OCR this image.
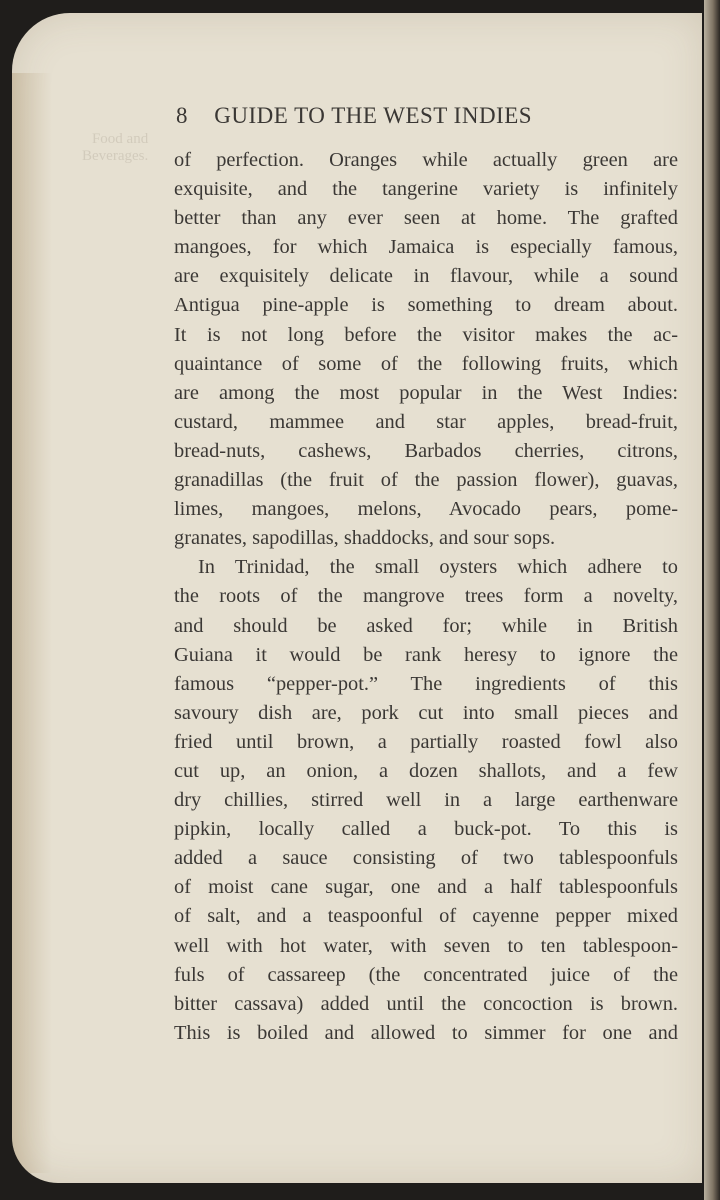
Food and
Beverages.
8 GUIDE TO THE WEST INDIES
of perfection. Oranges while actually green are
exquisite, and the tangerine variety is infinitely
better than any ever seen at home. The grafted
mangoes, for which Jamaica is especially famous,
are exquisitely delicate in flavour, while a sound
Antigua pine-apple is something to dream about.
It is not long before the visitor makes the ac-
quaintance of some of the following fruits, which
are among the most popular in the West Indies:
custard, mammee and star apples, bread-fruit,
bread-nuts, cashews, Barbados cherries, citrons,
granadillas (the fruit of the passion flower), guavas,
limes, mangoes, melons, Avocado pears, pome-
granates, sapodillas, shaddocks, and sour sops.
In Trinidad, the small oysters which adhere to
the roots of the mangrove trees form a novelty,
and should be asked for; while in British
Guiana it would be rank heresy to ignore the
famous “pepper-pot.” The ingredients of this
savoury dish are, pork cut into small pieces and
fried until brown, a partially roasted fowl also
cut up, an onion, a dozen shallots, and a few
dry chillies, stirred well in a large earthenware
pipkin, locally called a buck-pot. To this is
added a sauce consisting of two tablespoonfuls
of moist cane sugar, one and a half tablespoonfuls
of salt, and a teaspoonful of cayenne pepper mixed
well with hot water, with seven to ten tablespoon-
fuls of cassareep (the concentrated juice of the
bitter cassava) added until the concoction is brown.
This is boiled and allowed to simmer for one and
